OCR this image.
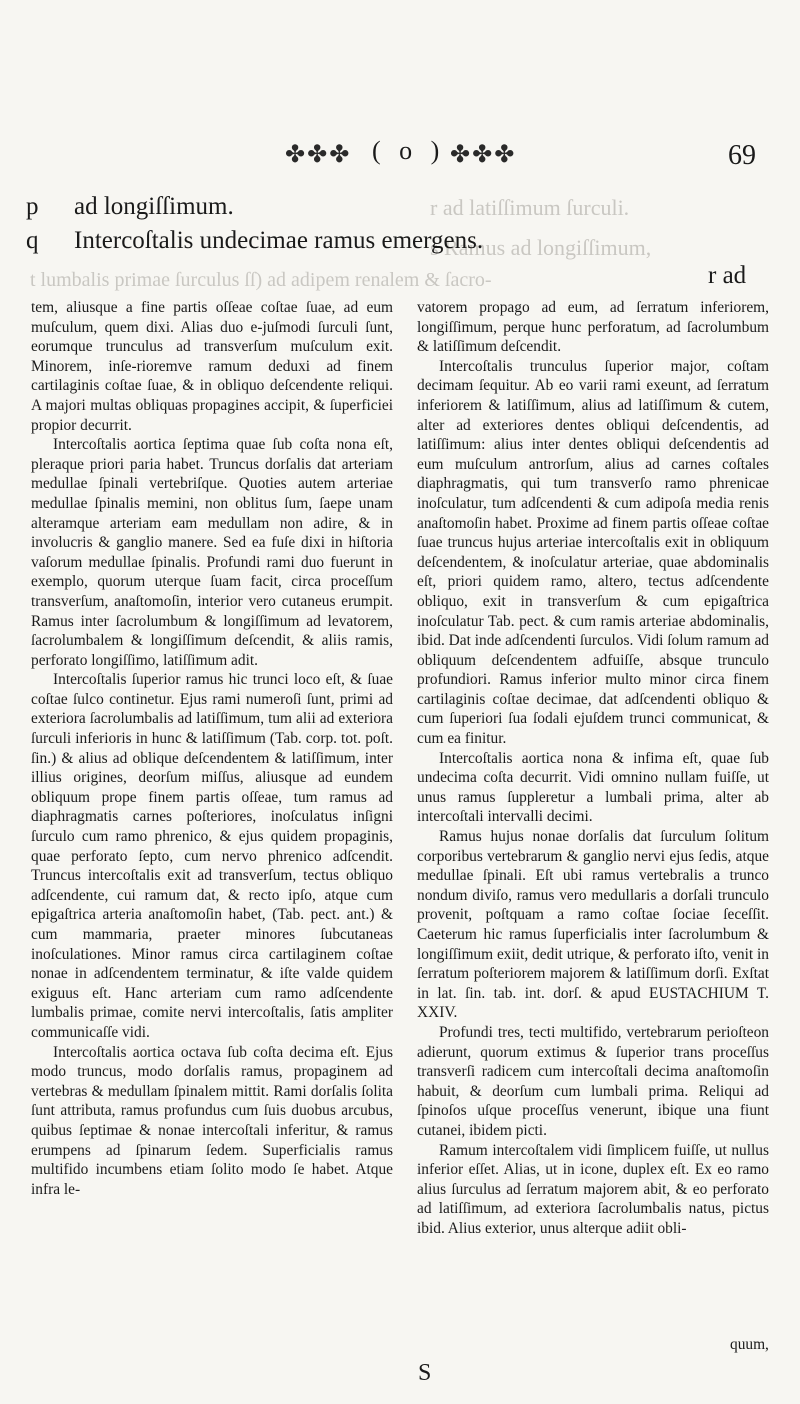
r ad latiſſimum ſurculi.
s Ramus ad longiſſimum,
t lumbalis primae ſurculus ſſ) ad adipem renalem & ſacro-
✤✤✤ ( o ) ✤✤✤	69
p ad longiſſimum.
q Intercoſtalis undecimae ramus emergens.
r ad

tem, aliusque a fine partis oſſeae coſtae ſuae, ad eum muſculum, quem dixi. Alias duo e-juſmodi ſurculi ſunt, eorumque trunculus ad transverſum muſculum exit. Minorem, inſe-rioremve ramum deduxi ad finem cartilaginis coſtae ſuae, & in obliquo deſcendente reliqui. A majori multas obliquas propagines accipit, & ſuperficiei propior decurrit.

Intercoſtalis aortica ſeptima quae ſub coſta nona eſt, pleraque priori paria habet. Truncus dorſalis dat arteriam medullae ſpinali vertebriſque. Quoties autem arteriae medullae ſpinalis memini, non oblitus ſum, ſaepe unam alteramque arteriam eam medullam non adire, & in involucris & ganglio manere. Sed ea fuſe dixi in hiſtoria vaſorum medullae ſpinalis. Profundi rami duo fuerunt in exemplo, quorum uterque ſuam facit, circa proceſſum transverſum, anaſtomoſin, interior vero cutaneus erumpit. Ramus inter ſacrolumbum & longiſſimum ad levatorem, ſacrolumbalem & longiſſimum deſcendit, & aliis ramis, perforato longiſſimo, latiſſimum adit.

Intercoſtalis ſuperior ramus hic trunci loco eſt, & ſuae coſtae ſulco continetur. Ejus rami numeroſi ſunt, primi ad exteriora ſacrolumbalis ad latiſſimum, tum alii ad exteriora ſurculi inferioris in hunc & latiſſimum (Tab. corp. tot. poſt. ſin.) & alius ad oblique deſcendentem & latiſſimum, inter illius origines, deorſum miſſus, aliusque ad eundem obliquum prope finem partis oſſeae, tum ramus ad diaphragmatis carnes poſteriores, inoſculatus inſigni ſurculo cum ramo phrenico, & ejus quidem propaginis, quae perforato ſepto, cum nervo phrenico adſcendit. Truncus intercoſtalis exit ad transverſum, tectus obliquo adſcendente, cui ramum dat, & recto ipſo, atque cum epigaſtrica arteria anaſtomoſin habet, (Tab. pect. ant.) & cum mammaria, praeter minores ſubcutaneas inoſculationes. Minor ramus circa cartilaginem coſtae nonae in adſcendentem terminatur, & iſte valde quidem exiguus eſt. Hanc arteriam cum ramo adſcendente lumbalis primae, comite nervi intercoſtalis, ſatis ampliter communicaſſe vidi.

Intercoſtalis aortica octava ſub coſta decima eſt. Ejus modo truncus, modo dorſalis ramus, propaginem ad vertebras & medullam ſpinalem mittit. Rami dorſalis ſolita ſunt attributa, ramus profundus cum ſuis duobus arcubus, quibus ſeptimae & nonae intercoſtali inferitur, & ramus erumpens ad ſpinarum ſedem. Superficialis ramus multifido incumbens etiam ſolito modo ſe habet. Atque infra le-

vatorem propago ad eum, ad ſerratum inferiorem, longiſſimum, perque hunc perforatum, ad ſacrolumbum & latiſſimum deſcendit.

Intercoſtalis trunculus ſuperior major, coſtam decimam ſequitur. Ab eo varii rami exeunt, ad ſerratum inferiorem & latiſſimum, alius ad latiſſimum & cutem, alter ad exteriores dentes obliqui deſcendentis, ad latiſſimum: alius inter dentes obliqui deſcendentis ad eum muſculum antrorſum, alius ad carnes coſtales diaphragmatis, qui tum transverſo ramo phrenicae inoſculatur, tum adſcendenti & cum adipoſa media renis anaſtomoſin habet. Proxime ad finem partis oſſeae coſtae ſuae truncus hujus arteriae intercoſtalis exit in obliquum deſcendentem, & inoſculatur arteriae, quae abdominalis eſt, priori quidem ramo, altero, tectus adſcendente obliquo, exit in transverſum & cum epigaſtrica inoſculatur Tab. pect. & cum ramis arteriae abdominalis, ibid. Dat inde adſcendenti ſurculos. Vidi ſolum ramum ad obliquum deſcendentem adfuiſſe, absque trunculo profundiori. Ramus inferior multo minor circa finem cartilaginis coſtae decimae, dat adſcendenti obliquo & cum ſuperiori ſua ſodali ejuſdem trunci communicat, & cum ea finitur.

Intercoſtalis aortica nona & infima eſt, quae ſub undecima coſta decurrit. Vidi omnino nullam fuiſſe, ut unus ramus ſuppleretur a lumbali prima, alter ab intercoſtali intervalli decimi.

Ramus hujus nonae dorſalis dat ſurculum ſolitum corporibus vertebrarum & ganglio nervi ejus ſedis, atque medullae ſpinali. Eſt ubi ramus vertebralis a trunco nondum diviſo, ramus vero medullaris a dorſali trunculo provenit, poſtquam a ramo coſtae ſociae ſeceſſit. Caeterum hic ramus ſuperficialis inter ſacrolumbum & longiſſimum exiit, dedit utrique, & perforato iſto, venit in ſerratum poſteriorem majorem & latiſſimum dorſi. Exſtat in lat. ſin. tab. int. dorſ. & apud EUSTACHIUM T. XXIV.

Profundi tres, tecti multifido, vertebrarum perioſteon adierunt, quorum extimus & ſuperior trans proceſſus transverſi radicem cum intercoſtali decima anaſtomoſin habuit, & deorſum cum lumbali prima. Reliqui ad ſpinoſos uſque proceſſus venerunt, ibique una fiunt cutanei, ibidem picti.

Ramum intercoſtalem vidi ſimplicem fuiſſe, ut nullus inferior eſſet. Alias, ut in icone, duplex eſt. Ex eo ramo alius ſurculus ad ſerratum majorem abit, & eo perforato ad latiſſimum, ad exteriora ſacrolumbalis natus, pictus ibid. Alius exterior, unus alterque adiit obli-

quum,
S
